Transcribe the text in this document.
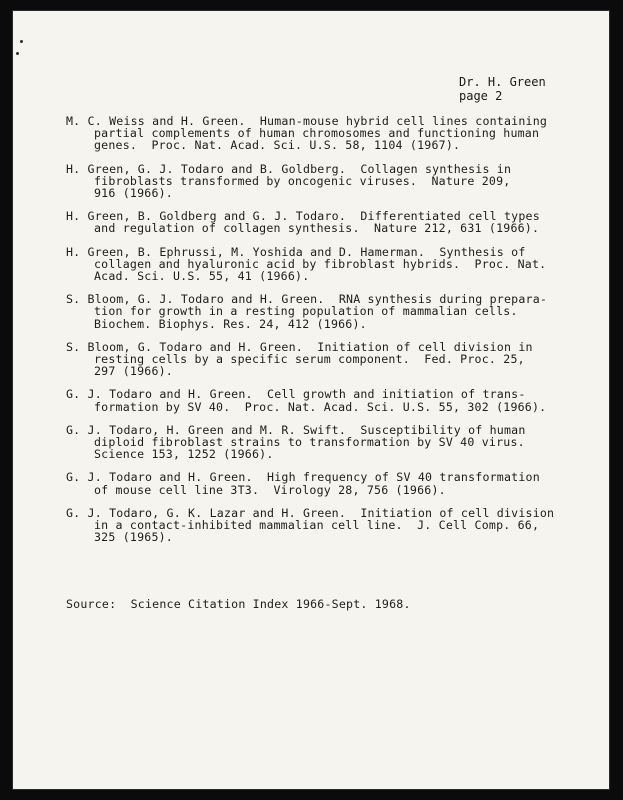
Dr. H. Green
page 2
M. C. Weiss and H. Green.  Human-mouse hybrid cell lines containing
partial complements of human chromosomes and functioning human
genes.  Proc. Nat. Acad. Sci. U.S. 58, 1104 (1967).
H. Green, G. J. Todaro and B. Goldberg.  Collagen synthesis in
fibroblasts transformed by oncogenic viruses.  Nature 209,
916 (1966).
H. Green, B. Goldberg and G. J. Todaro.  Differentiated cell types
and regulation of collagen synthesis.  Nature 212, 631 (1966).
H. Green, B. Ephrussi, M. Yoshida and D. Hamerman.  Synthesis of
collagen and hyaluronic acid by fibroblast hybrids.  Proc. Nat.
Acad. Sci. U.S. 55, 41 (1966).
S. Bloom, G. J. Todaro and H. Green.  RNA synthesis during prepara-
tion for growth in a resting population of mammalian cells.
Biochem. Biophys. Res. 24, 412 (1966).
S. Bloom, G. Todaro and H. Green.  Initiation of cell division in
resting cells by a specific serum component.  Fed. Proc. 25,
297 (1966).
G. J. Todaro and H. Green.  Cell growth and initiation of trans-
formation by SV 40.  Proc. Nat. Acad. Sci. U.S. 55, 302 (1966).
G. J. Todaro, H. Green and M. R. Swift.  Susceptibility of human
diploid fibroblast strains to transformation by SV 40 virus.
Science 153, 1252 (1966).
G. J. Todaro and H. Green.  High frequency of SV 40 transformation
of mouse cell line 3T3.  Virology 28, 756 (1966).
G. J. Todaro, G. K. Lazar and H. Green.  Initiation of cell division
in a contact-inhibited mammalian cell line.  J. Cell Comp. 66,
325 (1965).
Source:  Science Citation Index 1966-Sept. 1968.
